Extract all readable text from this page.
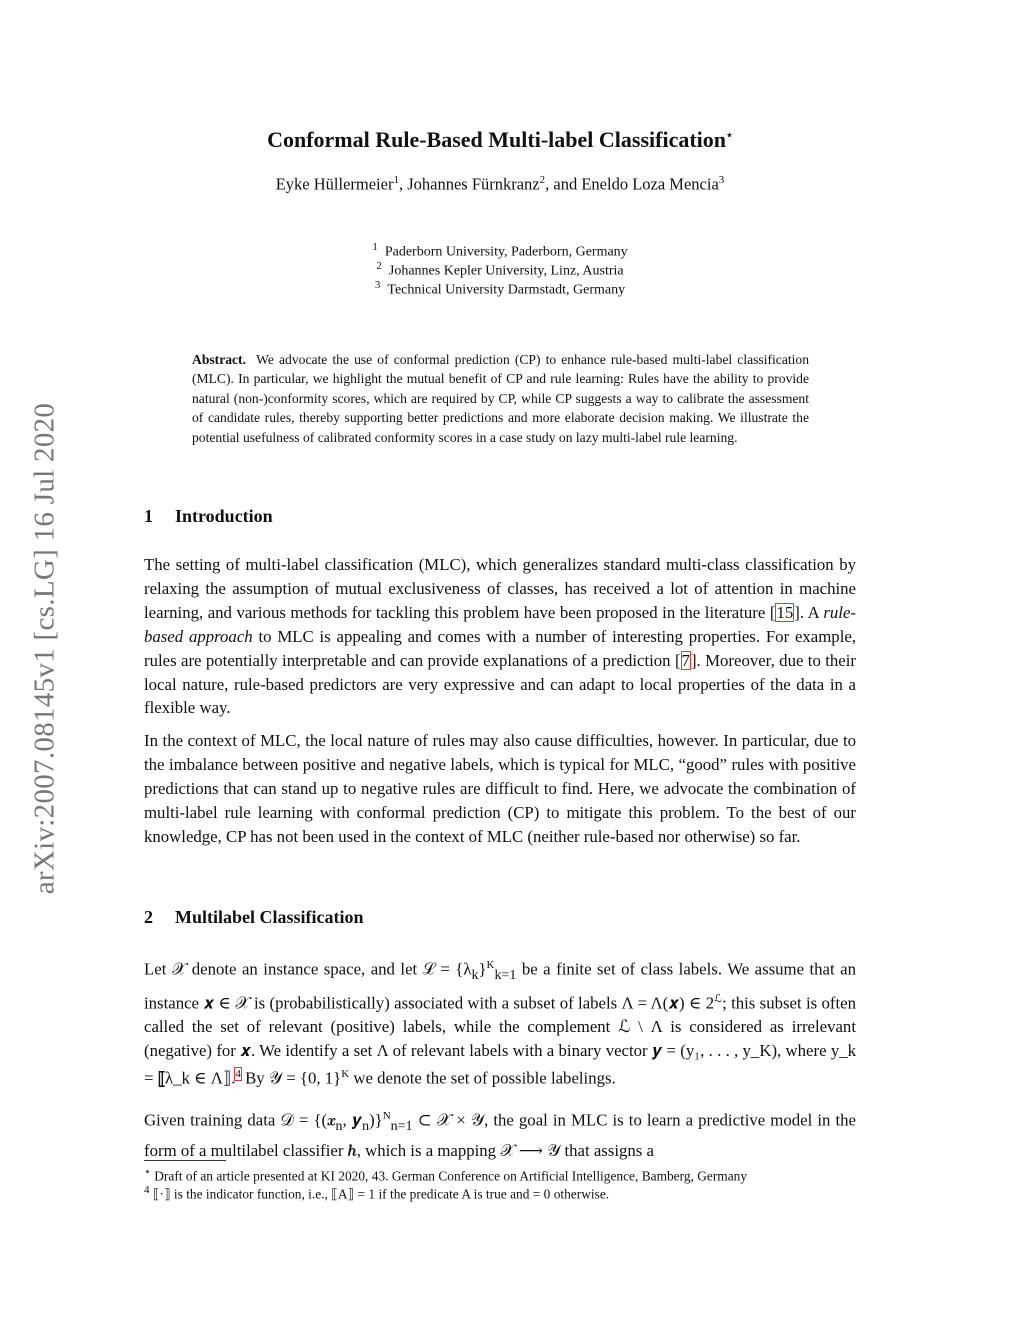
arXiv:2007.08145v1 [cs.LG] 16 Jul 2020
Conformal Rule-Based Multi-label Classification⋆
Eyke Hüllermeier$^1$, Johannes Fürnkranz$^2$, and Eneldo Loza Mencia$^3$
$^1$ Paderborn University, Paderborn, Germany
$^2$ Johannes Kepler University, Linz, Austria
$^3$ Technical University Darmstadt, Germany
Abstract. We advocate the use of conformal prediction (CP) to enhance rule-based multi-label classification (MLC). In particular, we highlight the mutual benefit of CP and rule learning: Rules have the ability to provide natural (non-)conformity scores, which are required by CP, while CP suggests a way to calibrate the assessment of candidate rules, thereby supporting better predictions and more elaborate decision making. We illustrate the potential usefulness of calibrated conformity scores in a case study on lazy multi-label rule learning.
1 Introduction

The setting of multi-label classification (MLC), which generalizes standard multi-class classification by relaxing the assumption of mutual exclusiveness of classes, has received a lot of attention in machine learning, and various methods for tackling this problem have been proposed in the literature [15]. A rule-based approach to MLC is appealing and comes with a number of interesting properties. For example, rules are potentially interpretable and can provide explanations of a prediction [7]. Moreover, due to their local nature, rule-based predictors are very expressive and can adapt to local properties of the data in a flexible way.

In the context of MLC, the local nature of rules may also cause difficulties, however. In particular, due to the imbalance between positive and negative labels, which is typical for MLC, “good” rules with positive predictions that can stand up to negative rules are difficult to find. Here, we advocate the combination of multi-label rule learning with conformal prediction (CP) to mitigate this problem. To the best of our knowledge, CP has not been used in the context of MLC (neither rule-based nor otherwise) so far.

2 Multilabel Classification

Let 𝒳 denote an instance space, and let ℒ = $\{\lambda_k\}^K_{k=1}$ be a finite set of class labels. We assume that an instance 𝒙 ∈ 𝒳 is (probabilistically) associated with a subset of labels Λ = Λ(𝒙) ∈ $2^ℒ$; this subset is often called the set of relevant (positive) labels, while the complement ℒ \ Λ is considered as irrelevant (negative) for 𝒙. We identify a set Λ of relevant labels with a binary vector 𝒚 = (y₁, . . . , y_K), where y_k = ⟦λ_k ∈ Λ⟧.$^4$ By 𝒴 = {0, 1}$^K$ we denote the set of possible labelings.

Given training data 𝒟 = {(𝒙$_n$, 𝒚$_n$)}$^N_{n=1}$ ⊂ 𝒳 × 𝒴, the goal in MLC is to learn a predictive model in the form of a multilabel classifier 𝒉, which is a mapping 𝒳 ⟶ 𝒴 that assigns a

⋆ Draft of an article presented at KI 2020, 43. German Conference on Artificial Intelligence, Bamberg, Germany
$^4$ ⟦·⟧ is the indicator function, i.e., ⟦A⟧ = 1 if the predicate A is true and = 0 otherwise.
